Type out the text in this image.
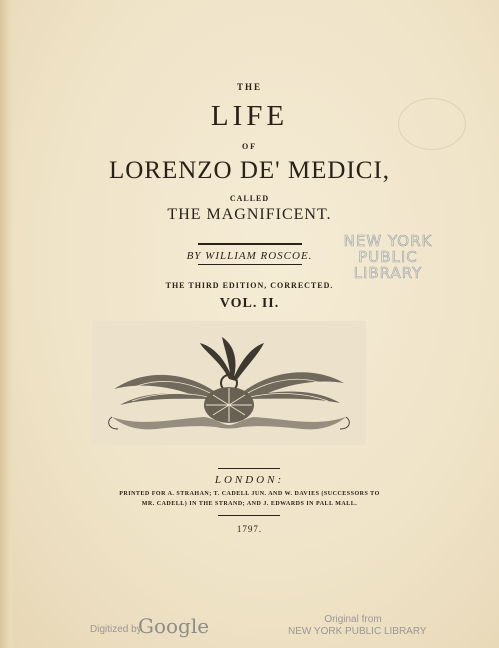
THE
LIFE
OF
LORENZO DE' MEDICI,
CALLED
THE MAGNIFICENT.
BY WILLIAM ROSCOE.
THE THIRD EDITION, CORRECTED.
VOL. II.
NEW YORK
PUBLIC
LIBRARY
LONDON:
PRINTED FOR A. STRAHAN; T. CADELL JUN. AND W. DAVIES (SUCCESSORS TO
MR. CADELL) IN THE STRAND; AND J. EDWARDS IN PALL MALL.
1797.
Digitized by
Google	Original from
NEW YORK PUBLIC LIBRARY
